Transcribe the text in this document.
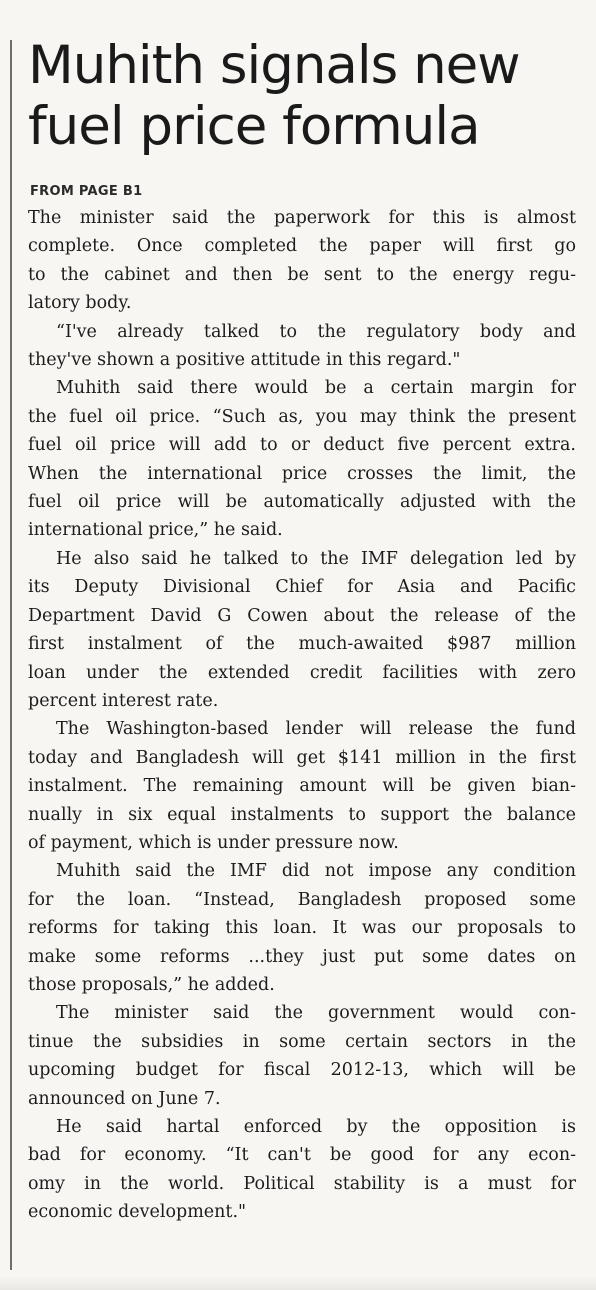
Muhith signals new
fuel price formula

FROM PAGE B1

The minister said the paperwork for this is almost
complete. Once completed the paper will first go
to the cabinet and then be sent to the energy regu-
latory body.
“I've already talked to the regulatory body and
they've shown a positive attitude in this regard."
Muhith said there would be a certain margin for
the fuel oil price. “Such as, you may think the present
fuel oil price will add to or deduct five percent extra.
When the international price crosses the limit, the
fuel oil price will be automatically adjusted with the
international price,” he said.
He also said he talked to the IMF delegation led by
its Deputy Divisional Chief for Asia and Pacific
Department David G Cowen about the release of the
first instalment of the much-awaited $987 million
loan under the extended credit facilities with zero
percent interest rate.
The Washington-based lender will release the fund
today and Bangladesh will get $141 million in the first
instalment. The remaining amount will be given bian-
nually in six equal instalments to support the balance
of payment, which is under pressure now.
Muhith said the IMF did not impose any condition
for the loan. “Instead, Bangladesh proposed some
reforms for taking this loan. It was our proposals to
make some reforms ...they just put some dates on
those proposals,” he added.
The minister said the government would con-
tinue the subsidies in some certain sectors in the
upcoming budget for fiscal 2012-13, which will be
announced on June 7.
He said hartal enforced by the opposition is
bad for economy. “It can't be good for any econ-
omy in the world. Political stability is a must for
economic development."
